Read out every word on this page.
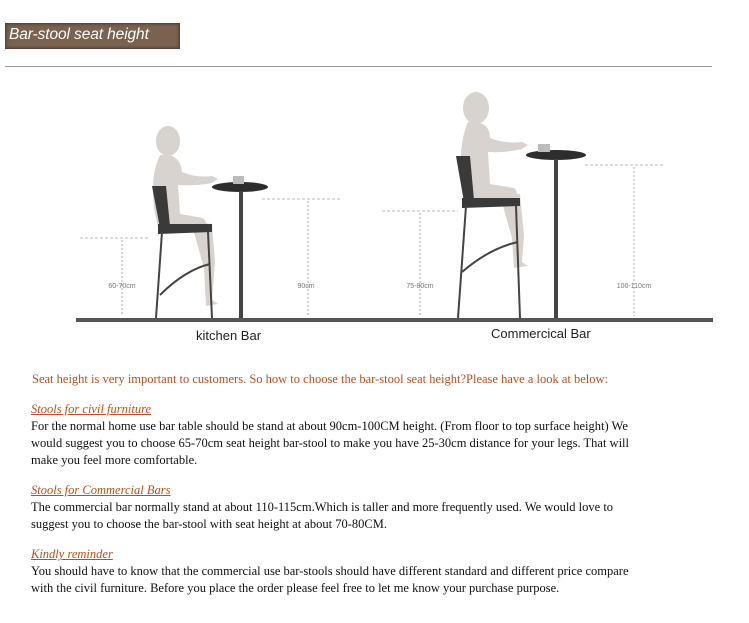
Bar-stool seat height
60-70cm	90cm	75-80cm	100-110cm
kitchen Bar	Commercical Bar
Seat height is very important to customers. So how to choose the bar-stool seat height?Please have a look at below:
Stools for civil furniture
For the normal home use bar table should be stand at about 90cm-100CM height. (From floor to top surface height) We
would suggest you to choose 65-70cm seat height bar-stool to make you have 25-30cm distance for your legs. That will
make you feel more comfortable.
Stools for Commercial Bars
The commercial bar normally stand at about 110-115cm.Which is taller and more frequently used. We would love to
suggest you to choose the bar-stool with seat height at about 70-80CM.
Kindly reminder
You should have to know that the commercial use bar-stools should have different standard and different price compare
with the civil furniture. Before you place the order please feel free to let me know your purchase purpose.
